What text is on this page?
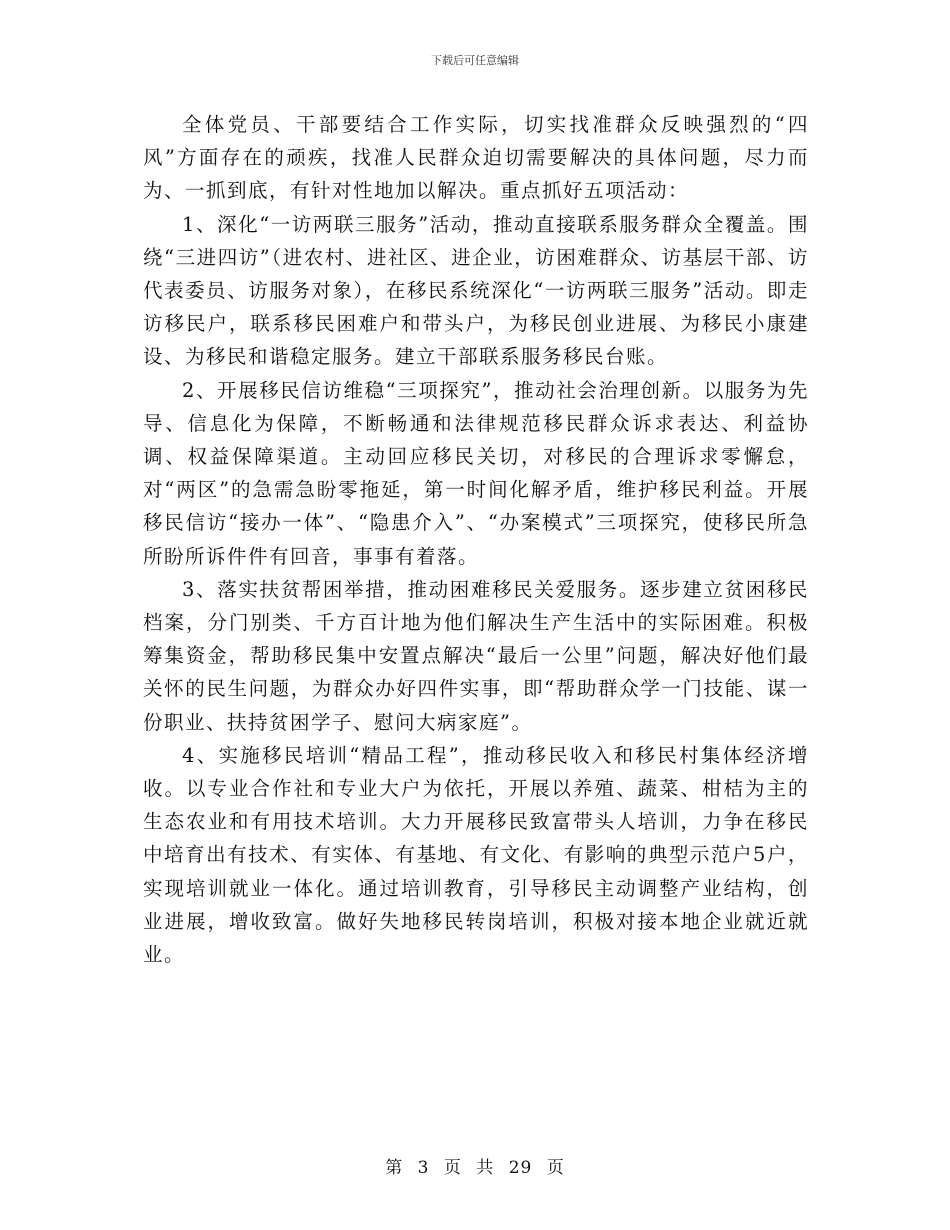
下载后可任意编辑

全体党员、干部要结合工作实际，切实找准群众反映强烈的“四风”方面存在的顽疾，找准人民群众迫切需要解决的具体问题，尽力而为、一抓到底，有针对性地加以解决。重点抓好五项活动：

1、深化“一访两联三服务”活动，推动直接联系服务群众全覆盖。围绕“三进四访”（进农村、进社区、进企业，访困难群众、访基层干部、访代表委员、访服务对象），在移民系统深化“一访两联三服务”活动。即走访移民户，联系移民困难户和带头户，为移民创业进展、为移民小康建设、为移民和谐稳定服务。建立干部联系服务移民台账。

2、开展移民信访维稳“三项探究”，推动社会治理创新。以服务为先导、信息化为保障，不断畅通和法律规范移民群众诉求表达、利益协调、权益保障渠道。主动回应移民关切，对移民的合理诉求零懈怠，对“两区”的急需急盼零拖延，第一时间化解矛盾，维护移民利益。开展移民信访“接办一体”、“隐患介入”、“办案模式”三项探究，使移民所急所盼所诉件件有回音，事事有着落。

3、落实扶贫帮困举措，推动困难移民关爱服务。逐步建立贫困移民档案，分门别类、千方百计地为他们解决生产生活中的实际困难。积极筹集资金，帮助移民集中安置点解决“最后一公里”问题，解决好他们最关怀的民生问题，为群众办好四件实事，即“帮助群众学一门技能、谋一份职业、扶持贫困学子、慰问大病家庭”。

4、实施移民培训“精品工程”，推动移民收入和移民村集体经济增收。以专业合作社和专业大户为依托，开展以养殖、蔬菜、柑桔为主的生态农业和有用技术培训。大力开展移民致富带头人培训，力争在移民中培育出有技术、有实体、有基地、有文化、有影响的典型示范户5户，实现培训就业一体化。通过培训教育，引导移民主动调整产业结构，创业进展，增收致富。做好失地移民转岗培训，积极对接本地企业就近就业。

第 3 页 共 29 页
